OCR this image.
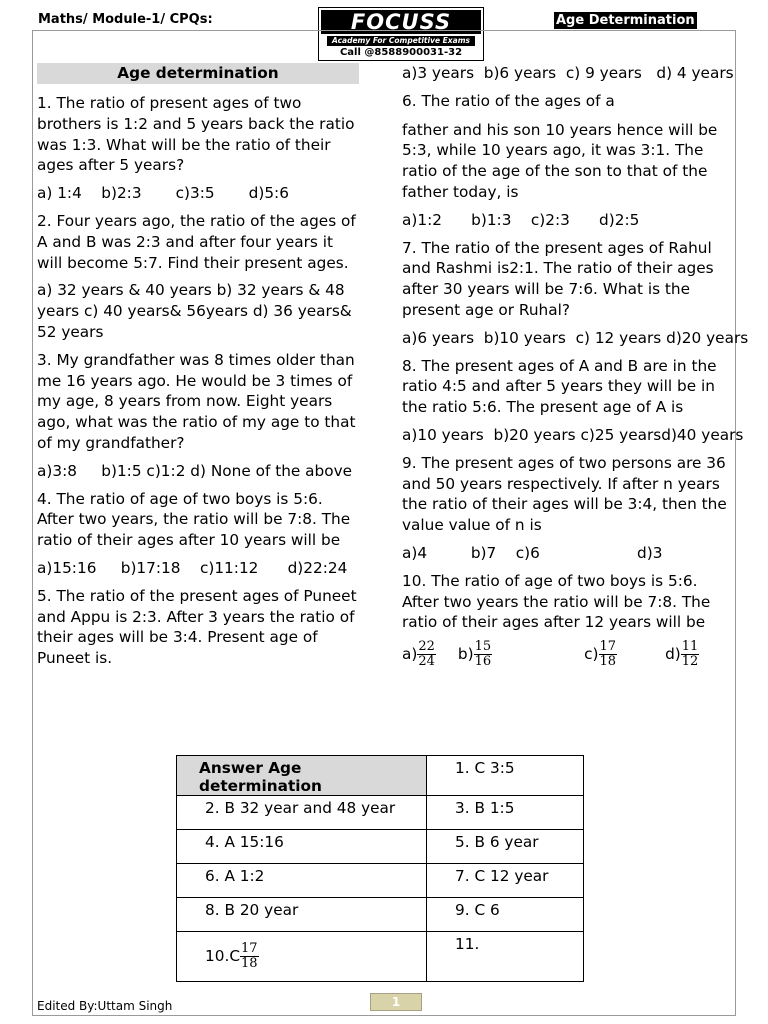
Maths/ Module-1/ CPQs:	FOCUSS
Academy For Competitive Exams
Call @8588900031-32
Age Determination

Age determination

1. The ratio of present ages of two brothers is 1:2 and 5 years back the ratio was 1:3. What will be the ratio of their ages after 5 years?

a) 1:4    b)2:3       c)3:5       d)5:6

2. Four years ago, the ratio of the ages of A and B was 2:3 and after four years it will become 5:7. Find their present ages.

a) 32 years & 40 years b) 32 years & 48 years c) 40 years& 56years d) 36 years& 52 years

3. My grandfather was 8 times older than me 16 years ago. He would be 3 times of my age, 8 years from now. Eight years ago, what was the ratio of my age to that of my grandfather?

a)3:8     b)1:5 c)1:2 d) None of the above

4. The ratio of age of two boys is 5:6. After two years, the ratio will be 7:8. The ratio of their ages after 10 years will be

a)15:16     b)17:18    c)11:12      d)22:24

5. The ratio of the present ages of Puneet and Appu is 2:3. After 3 years the ratio of their ages will be 3:4. Present age of Puneet is.

a)3 years  b)6 years  c) 9 years   d) 4 years

6. The ratio of the ages of a

father and his son 10 years hence will be 5:3, while 10 years ago, it was 3:1. The ratio of the age of the son to that of the father today, is

a)1:2      b)1:3    c)2:3      d)2:5

7. The ratio of the present ages of Rahul and Rashmi is2:1. The ratio of their ages after 30 years will be 7:6. What is the present age or Ruhal?

a)6 years  b)10 years  c) 12 years d)20 years

8. The present ages of A and B are in the ratio 4:5 and after 5 years they will be in the ratio 5:6. The present age of A is

a)10 years  b)20 years c)25 yearsd)40 years

9. The present ages of two persons are 36 and 50 years respectively. If after n years the ratio of their ages will be 3:4, then the value value of n is

a)4         b)7    c)6                    d)3

10. The ratio of age of two boys is 5:6. After two years the ratio will be 7:8. The ratio of their ages after 12 years will be

$a) \frac{22}{24} b) \frac{15}{16}$	$c) \frac{17}{18}$	$d) \frac{11}{12}$

Answer Age determination	1. C 3:5
2. B 32 year and 48 year	3. B 1:5
4. A 15:16	5. B 6 year
6. A 1:2	7. C 12 year
8. B 20 year	9. C 6
$10.C \frac{17}{18}$	11.
Edited By:Uttam Singh	1
